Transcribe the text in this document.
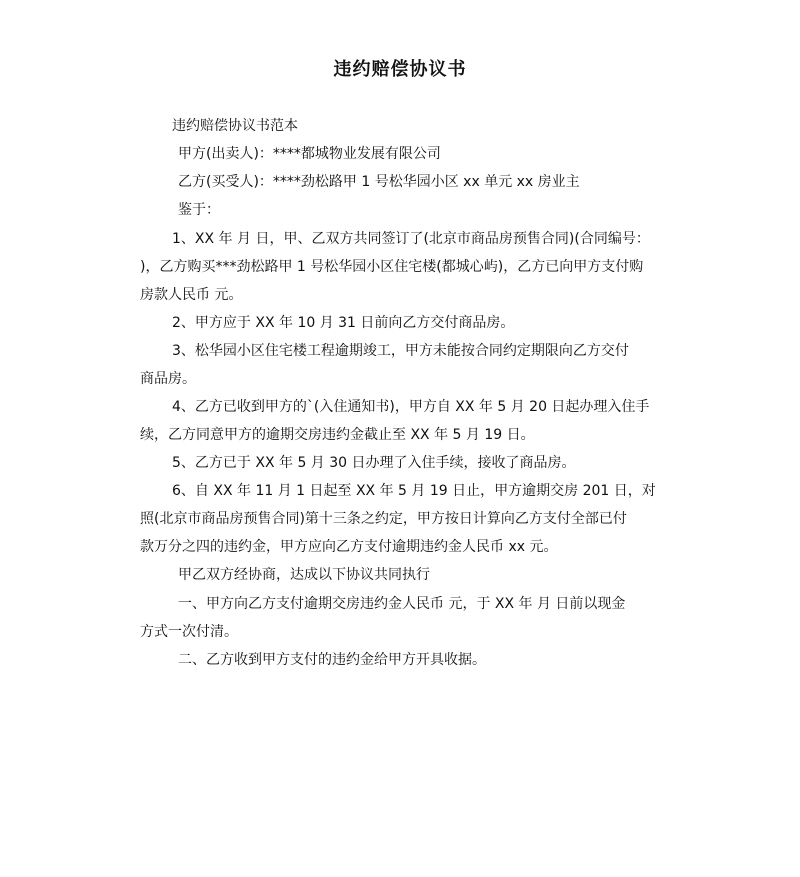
违约赔偿协议书
违约赔偿协议书范本
甲方(出卖人)：****都城物业发展有限公司
乙方(买受人)：****劲松路甲 1 号松华园小区 xx 单元 xx 房业主
鉴于：
1、XX 年 月 日，甲、乙双方共同签订了(北京市商品房预售合同)(合同编号：
)，乙方购买***劲松路甲 1 号松华园小区住宅楼(都城心屿)，乙方已向甲方支付购
房款人民币 元。
2、甲方应于 XX 年 10 月 31 日前向乙方交付商品房。
3、松华园小区住宅楼工程逾期竣工，甲方未能按合同约定期限向乙方交付
商品房。
4、乙方已收到甲方的`(入住通知书)，甲方自 XX 年 5 月 20 日起办理入住手
续，乙方同意甲方的逾期交房违约金截止至 XX 年 5 月 19 日。
5、乙方已于 XX 年 5 月 30 日办理了入住手续，接收了商品房。
6、自 XX 年 11 月 1 日起至 XX 年 5 月 19 日止，甲方逾期交房 201 日，对
照(北京市商品房预售合同)第十三条之约定，甲方按日计算向乙方支付全部已付
款万分之四的违约金，甲方应向乙方支付逾期违约金人民币 xx 元。
甲乙双方经协商，达成以下协议共同执行
一、甲方向乙方支付逾期交房违约金人民币 元，于 XX 年 月 日前以现金
方式一次付清。
二、乙方收到甲方支付的违约金给甲方开具收据。
